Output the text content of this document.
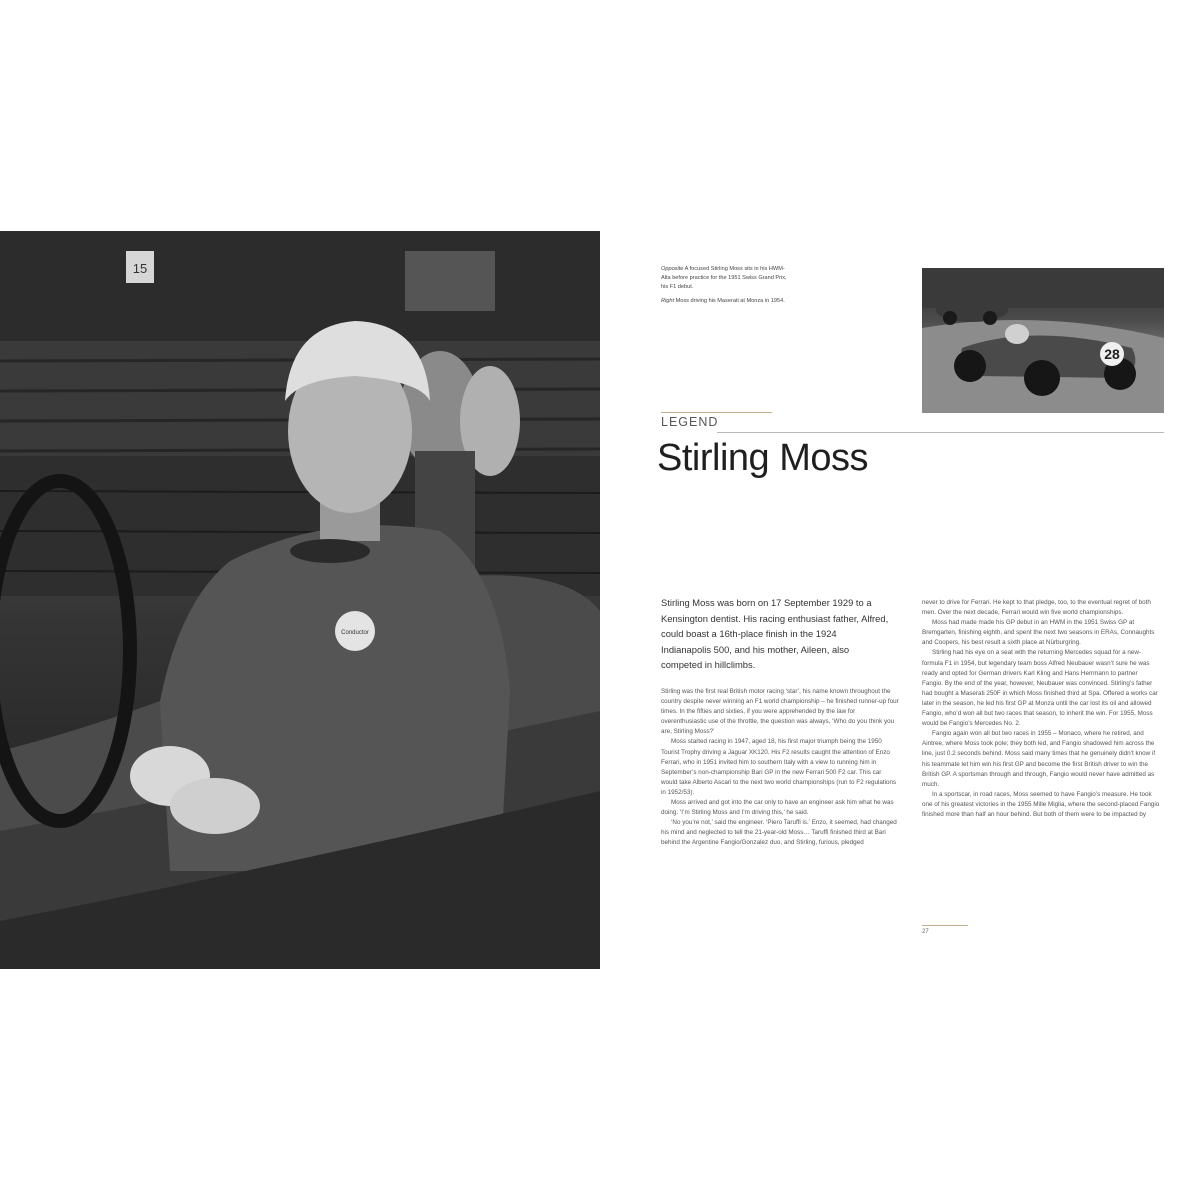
15
Conductor

Opposite A focused Stirling Moss sits in his HWM-Alta before practice for the 1951 Swiss Grand Prix, his F1 debut.

Right Moss driving his Maserati at Monza in 1954.

28
LEGEND
Stirling Moss

Stirling Moss was born on 17 September 1929 to a Kensington dentist. His racing enthusiast father, Alfred, could boast a 16th-place finish in the 1924 Indianapolis 500, and his mother, Aileen, also competed in hillclimbs.

Stirling was the first real British motor racing ‘star’, his name known throughout the country despite never winning an F1 world championship – he finished runner-up four times. In the fifties and sixties, if you were apprehended by the law for overenthusiastic use of the throttle, the question was always, ‘Who do you think you are, Stirling Moss?’

Moss started racing in 1947, aged 18, his first major triumph being the 1950 Tourist Trophy driving a Jaguar XK120. His F2 results caught the attention of Enzo Ferrari, who in 1951 invited him to southern Italy with a view to running him in September’s non-championship Bari GP in the new Ferrari 500 F2 car. This car would take Alberto Ascari to the next two world championships (run to F2 regulations in 1952/53).

Moss arrived and got into the car only to have an engineer ask him what he was doing. ‘I’m Stirling Moss and I’m driving this,’ he said.

‘No you’re not,’ said the engineer. ‘Piero Taruffi is.’ Enzo, it seemed, had changed his mind and neglected to tell the 21-year-old Moss… Taruffi finished third at Bari behind the Argentine Fangio/Gonzalez duo, and Stirling, furious, pledged

never to drive for Ferrari. He kept to that pledge, too, to the eventual regret of both men. Over the next decade, Ferrari would win five world championships.

Moss had made made his GP debut in an HWM in the 1951 Swiss GP at Bremgarten, finishing eighth, and spent the next two seasons in ERAs, Connaughts and Coopers, his best result a sixth place at Nürburgring.

Stirling had his eye on a seat with the returning Mercedes squad for a new-formula F1 in 1954, but legendary team boss Alfred Neubauer wasn’t sure he was ready and opted for German drivers Karl Kling and Hans Herrmann to partner Fangio. By the end of the year, however, Neubauer was convinced. Stirling’s father had bought a Maserati 250F in which Moss finished third at Spa. Offered a works car later in the season, he led his first GP at Monza until the car lost its oil and allowed Fangio, who’d won all but two races that season, to inherit the win. For 1955, Moss would be Fangio’s Mercedes No. 2.

Fangio again won all but two races in 1955 – Monaco, where he retired, and Aintree, where Moss took pole; they both led, and Fangio shadowed him across the line, just 0.2 seconds behind. Moss said many times that he genuinely didn’t know if his teammate let him win his first GP and become the first British driver to win the British GP. A sportsman through and through, Fangio would never have admitted as much.

In a sportscar, in road races, Moss seemed to have Fangio’s measure. He took one of his greatest victories in the 1955 Mille Miglia, where the second-placed Fangio finished more than half an hour behind. But both of them were to be impacted by

27
